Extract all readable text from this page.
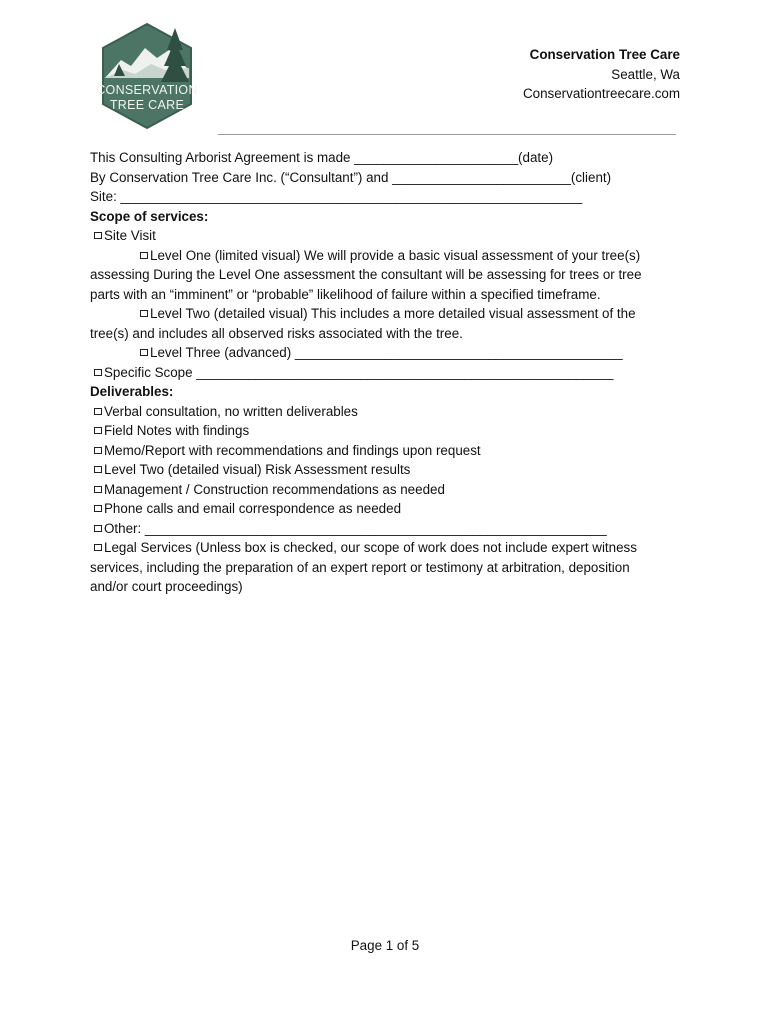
CONSERVATION
TREE CARE
Conservation Tree Care
Seattle, Wa
Conservationtreecare.com

This Consulting Arborist Agreement is made ______________________(date)

By Conservation Tree Care Inc. (“Consultant”) and ________________________(client)

Site: ______________________________________________________________

Scope of services:

Site Visit

Level One (limited visual) We will provide a basic visual assessment of your tree(s) assessing During the Level One assessment the consultant will be assessing for trees or tree parts with an “imminent” or “probable” likelihood of failure within a specified timeframe.

Level Two (detailed visual) This includes a more detailed visual assessment of the tree(s) and includes all observed risks associated with the tree.

Level Three (advanced) ____________________________________________

Specific Scope ________________________________________________________

Deliverables:

Verbal consultation, no written deliverables

Field Notes with findings

Memo/Report with recommendations and findings upon request

Level Two (detailed visual) Risk Assessment results

Management / Construction recommendations as needed

Phone calls and email correspondence as needed

Other: ______________________________________________________________

Legal Services (Unless box is checked, our scope of work does not include expert witness services, including the preparation of an expert report or testimony at arbitration, deposition and/or court proceedings)

Page 1 of 5
